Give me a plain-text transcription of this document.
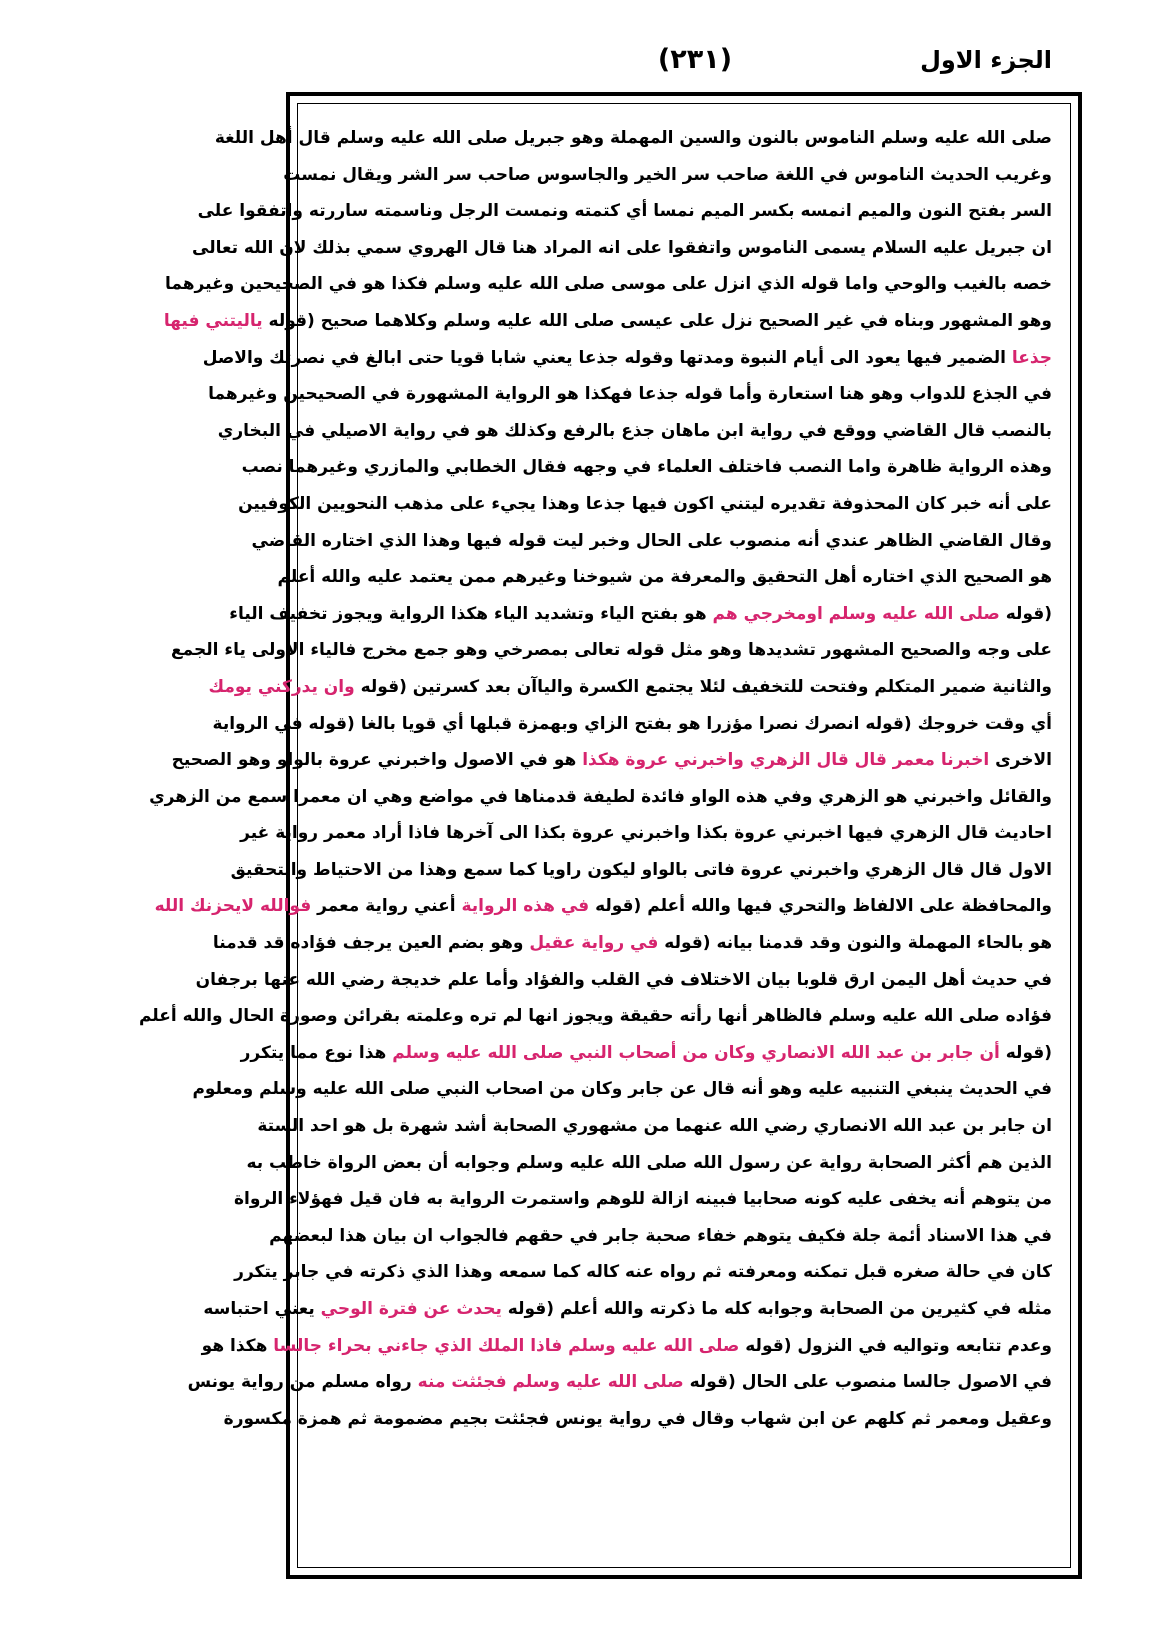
(٢٣١)	الجزء الاول
صلى الله عليه وسلم الناموس بالنون والسين المهملة وهو جبريل صلى الله عليه وسلم قال أهل اللغة
وغريب الحديث الناموس في اللغة صاحب سر الخير والجاسوس صاحب سر الشر ويقال نمست
السر بفتح النون والميم انمسه بكسر الميم نمسا أي كتمته ونمست الرجل وناسمته ساررته واتفقوا على
ان جبريل عليه السلام يسمى الناموس واتفقوا على انه المراد هنا قال الهروي سمي بذلك لان الله تعالى
خصه بالغيب والوحي واما قوله الذي انزل على موسى صلى الله عليه وسلم فكذا هو في الصحيحين وغيرهما
وهو المشهور وبناه في غير الصحيح نزل على عيسى صلى الله عليه وسلم وكلاهما صحيح (قوله ياليتني فيها
جذعا الضمير فيها يعود الى أيام النبوة ومدتها وقوله جذعا يعني شابا قويا حتى ابالغ في نصرتك والاصل
في الجذع للدواب وهو هنا استعارة وأما قوله جذعا فهكذا هو الرواية المشهورة في الصحيحين وغيرهما
بالنصب قال القاضي ووقع في رواية ابن ماهان جذع بالرفع وكذلك هو في رواية الاصيلي في البخاري
وهذه الرواية ظاهرة واما النصب فاختلف العلماء في وجهه فقال الخطابي والمازري وغيرهما نصب
على أنه خبر كان المحذوفة تقديره ليتني اكون فيها جذعا وهذا يجيء على مذهب النحويين الكوفيين
وقال القاضي الظاهر عندي أنه منصوب على الحال وخبر ليت قوله فيها وهذا الذي اختاره القاضي
هو الصحيح الذي اختاره أهل التحقيق والمعرفة من شيوخنا وغيرهم ممن يعتمد عليه والله أعلم
(قوله صلى الله عليه وسلم اومخرجي هم هو بفتح الياء وتشديد الياء هكذا الرواية ويجوز تخفيف الياء
على وجه والصحيح المشهور تشديدها وهو مثل قوله تعالى بمصرخي وهو جمع مخرج فالياء الاولى ياء الجمع
والثانية ضمير المتكلم وفتحت للتخفيف لئلا يجتمع الكسرة والياآن بعد كسرتين (قوله وان يدركني يومك
أي وقت خروجك (قوله انصرك نصرا مؤزرا هو بفتح الزاي وبهمزة قبلها أي قويا بالغا (قوله في الرواية
الاخرى اخبرنا معمر قال قال الزهري واخبرني عروة هكذا هو في الاصول واخبرني عروة بالواو وهو الصحيح
والقائل واخبرني هو الزهري وفي هذه الواو فائدة لطيفة قدمناها في مواضع وهي ان معمرا سمع من الزهري
احاديث قال الزهري فيها اخبرني عروة بكذا واخبرني عروة بكذا الى آخرها فاذا أراد معمر رواية غير
الاول قال قال الزهري واخبرني عروة فاتى بالواو ليكون راويا كما سمع وهذا من الاحتياط والتحقيق
والمحافظة على الالفاظ والتحري فيها والله أعلم (قوله في هذه الرواية أعني رواية معمر فوالله لايحزنك الله
هو بالحاء المهملة والنون وقد قدمنا بيانه (قوله في رواية عقيل وهو بضم العين يرجف فؤاده قد قدمنا
في حديث أهل اليمن ارق قلوبا بيان الاختلاف في القلب والفؤاد وأما علم خديجة رضي الله عنها برجفان
فؤاده صلى الله عليه وسلم فالظاهر أنها رأته حقيقة ويجوز انها لم تره وعلمته بقرائن وصورة الحال والله أعلم
(قوله أن جابر بن عبد الله الانصاري وكان من أصحاب النبي صلى الله عليه وسلم هذا نوع مما يتكرر
في الحديث ينبغي التنبيه عليه وهو أنه قال عن جابر وكان من اصحاب النبي صلى الله عليه وسلم ومعلوم
ان جابر بن عبد الله الانصاري رضي الله عنهما من مشهوري الصحابة أشد شهرة بل هو احد الستة
الذين هم أكثر الصحابة رواية عن رسول الله صلى الله عليه وسلم وجوابه أن بعض الرواة خاطب به
من يتوهم أنه يخفى عليه كونه صحابيا فبينه ازالة للوهم واستمرت الرواية به فان قيل فهؤلاء الرواة
في هذا الاسناد أئمة جلة فكيف يتوهم خفاء صحبة جابر في حقهم فالجواب ان بيان هذا لبعضهم
كان في حالة صغره قبل تمكنه ومعرفته ثم رواه عنه كاله كما سمعه وهذا الذي ذكرته في جابر يتكرر
مثله في كثيرين من الصحابة وجوابه كله ما ذكرته والله أعلم (قوله يحدث عن فترة الوحي يعني احتباسه
وعدم تتابعه وتواليه في النزول (قوله صلى الله عليه وسلم فاذا الملك الذي جاءني بحراء جالسا هكذا هو
في الاصول جالسا منصوب على الحال (قوله صلى الله عليه وسلم فجئثت منه رواه مسلم من رواية يونس
وعقيل ومعمر ثم كلهم عن ابن شهاب وقال في رواية يونس فجئثت بجيم مضمومة ثم همزة مكسورة
